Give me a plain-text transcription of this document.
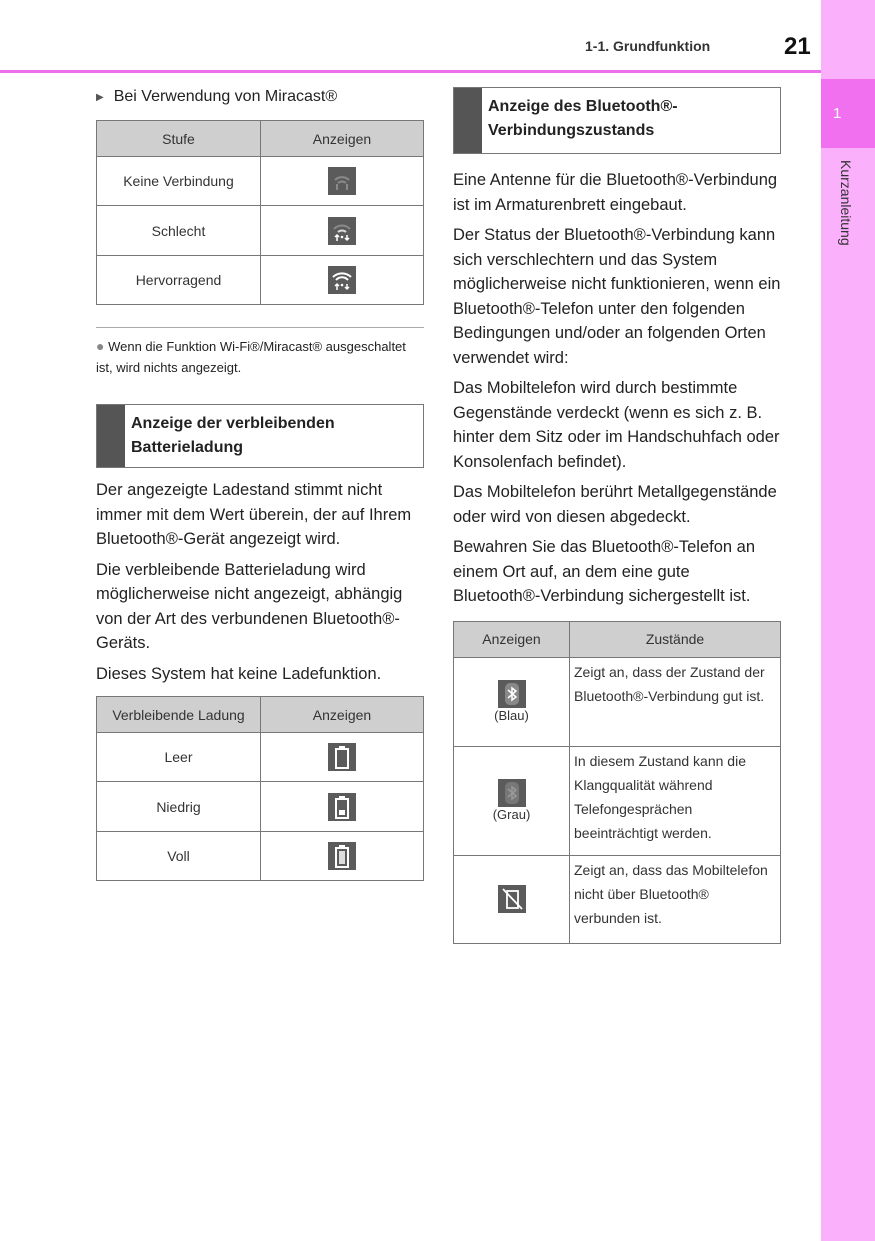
1
Kurzanleitung
1-1. Grundfunktion	21
▶ Bei Verwendung von Miracast®
Stufe	Anzeigen
Keine Verbindung	
Schlecht	
Hervorragend	
● Wenn die Funktion Wi-Fi®/Miracast® ausgeschaltet ist, wird nichts angezeigt.
Anzeige der verbleibenden Batterieladung

Der angezeigte Ladestand stimmt nicht immer mit dem Wert überein, der auf Ihrem Bluetooth®-Gerät angezeigt wird.

Die verbleibende Batterieladung wird möglicherweise nicht angezeigt, abhängig von der Art des verbundenen Bluetooth®-Geräts.

Dieses System hat keine Ladefunktion.

Verbleibende Ladung	Anzeigen
Leer	
Niedrig	
Voll	
Anzeige des Bluetooth®-Verbindungszustands

Eine Antenne für die Bluetooth®-Verbindung ist im Armaturenbrett eingebaut.

Der Status der Bluetooth®-Verbindung kann sich verschlechtern und das System möglicherweise nicht funktionieren, wenn ein Bluetooth®-Telefon unter den folgenden Bedingungen und/oder an folgenden Orten verwendet wird:

Das Mobiltelefon wird durch bestimmte Gegenstände verdeckt (wenn es sich z. B. hinter dem Sitz oder im Handschuhfach oder Konsolenfach befindet).

Das Mobiltelefon berührt Metallgegenstände oder wird von diesen abgedeckt.

Bewahren Sie das Bluetooth®-Telefon an einem Ort auf, an dem eine gute Bluetooth®-Verbindung sichergestellt ist.

Anzeigen	Zustände

(Blau)	Zeigt an, dass der Zustand der Bluetooth®-Verbindung gut ist.

(Grau)	In diesem Zustand kann die Klangqualität während Telefongesprächen beeinträchtigt werden.
	Zeigt an, dass das Mobiltelefon nicht über Bluetooth® verbunden ist.
